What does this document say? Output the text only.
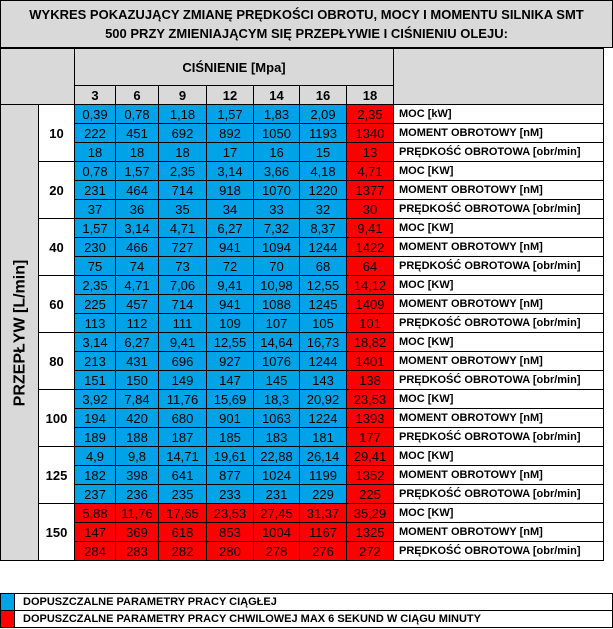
WYKRES POKAZUJĄCY ZMIANĘ PRĘDKOŚCI OBROTU, MOCY I MOMENTU SILNIKA SMT
500 PRZY ZMIENIAJĄCYM SIĘ PRZEPŁYWIE I CIŚNIENIU OLEJU:
		CIŚNIENIE [Mpa]							
		3	6	9	12	14	16	18	

PRZEPŁYW [L/min]	10	0,39	0,78	1,18	1,57	1,83	2,09	2,35	MOC [kW]
		222	451	692	892	1050	1193	1340	MOMENT OBROTOWY [nM]
		18	18	18	17	16	15	13	PRĘDKOŚĆ OBROTOWA [obr/min]
	20	0,78	1,57	2,35	3,14	3,66	4,18	4,71	MOC [KW]
		231	464	714	918	1070	1220	1377	MOMENT OBROTOWY [nM]
		37	36	35	34	33	32	30	PRĘDKOŚĆ OBROTOWA [obr/min]
	40	1,57	3,14	4,71	6,27	7,32	8,37	9,41	MOC [KW]
		230	466	727	941	1094	1244	1422	MOMENT OBROTOWY [nM]
		75	74	73	72	70	68	64	PRĘDKOŚĆ OBROTOWA [obr/min]
	60	2,35	4,71	7,06	9,41	10,98	12,55	14,12	MOC [KW]
		225	457	714	941	1088	1245	1409	MOMENT OBROTOWY [nM]
		113	112	111	109	107	105	101	PRĘDKOŚĆ OBROTOWA [obr/min]
	80	3,14	6,27	9,41	12,55	14,64	16,73	18,82	MOC [KW]
		213	431	696	927	1076	1244	1401	MOMENT OBROTOWY [nM]
		151	150	149	147	145	143	138	PRĘDKOŚĆ OBROTOWA [obr/min]
	100	3,92	7,84	11,76	15,69	18,3	20,92	23,53	MOC [KW]
		194	420	680	901	1063	1224	1393	MOMENT OBROTOWY [nM]
		189	188	187	185	183	181	177	PRĘDKOŚĆ OBROTOWA [obr/min]
	125	4,9	9,8	14,71	19,61	22,88	26,14	29,41	MOC [KW]
		182	398	641	877	1024	1199	1352	MOMENT OBROTOWY [nM]
		237	236	235	233	231	229	225	PRĘDKOŚĆ OBROTOWA [obr/min]
	150	5,88	11,76	17,65	23,53	27,45	31,37	35,29	MOC [KW]
		147	369	618	853	1004	1167	1325	MOMENT OBROTOWY [nM]
		284	283	282	280	278	276	272	PRĘDKOŚĆ OBROTOWA [obr/min]
DOPUSZCZALNE PARAMETRY PRACY CIĄGŁEJ
DOPUSZCZALNE PARAMETRY PRACY CHWILOWEJ MAX 6 SEKUND W CIĄGU MINUTY
